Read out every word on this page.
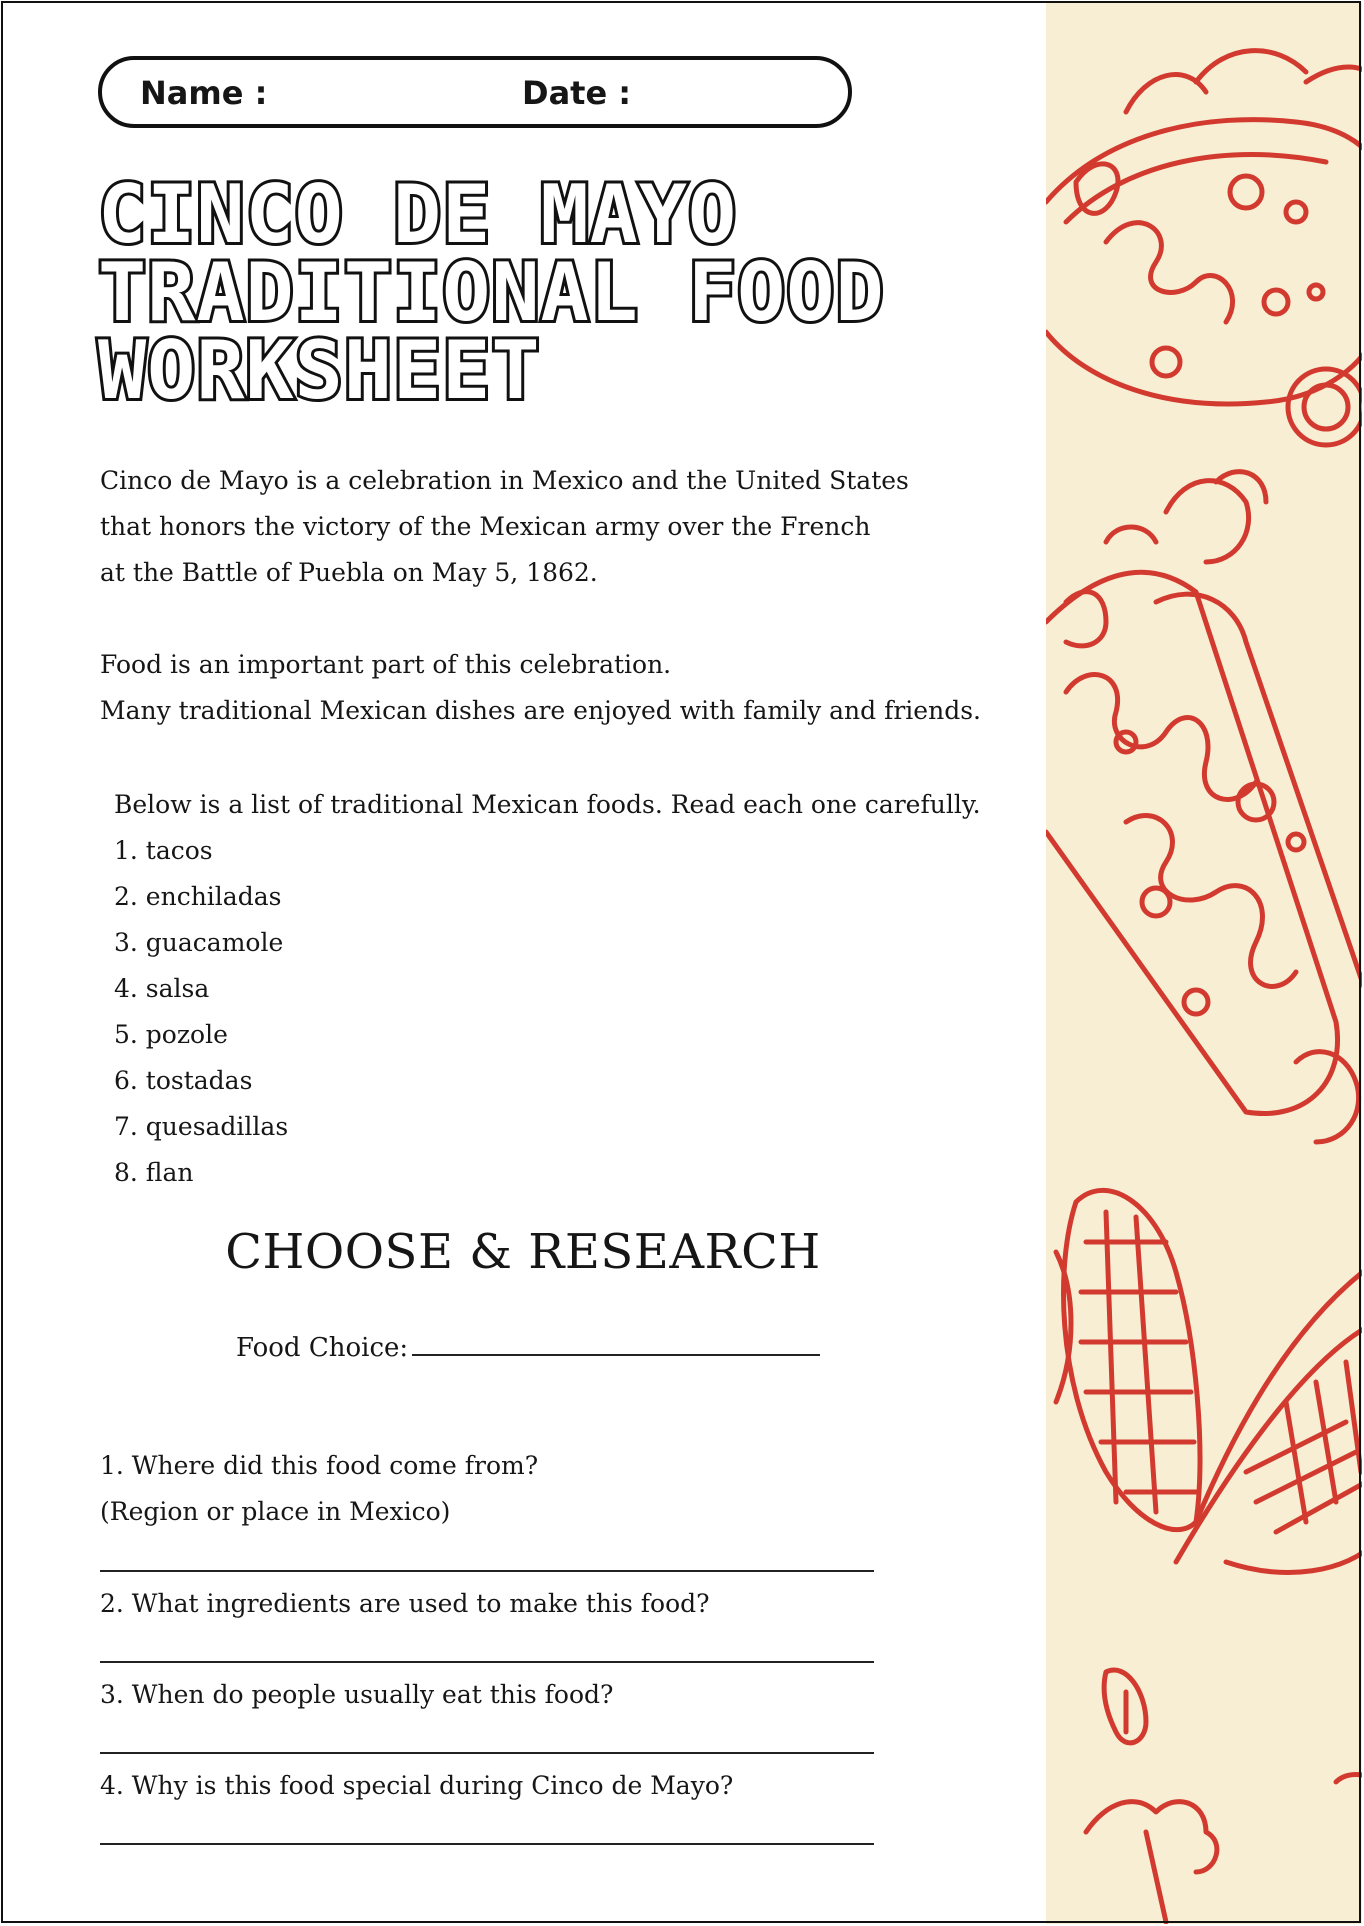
Name :	Date :
CINCO DE MAYO
TRADITIONAL FOOD
WORKSHEET

Cinco de Mayo is a celebration in Mexico and the United States

that honors the victory of the Mexican army over the French

at the Battle of Puebla on May 5, 1862.

Food is an important part of this celebration.

Many traditional Mexican dishes are enjoyed with family and friends.

Below is a list of traditional Mexican foods. Read each one carefully.
1. tacos
2. enchiladas
3. guacamole
4. salsa
5. pozole
6. tostadas
7. quesadillas
8. flan
CHOOSE & RESEARCH
Food Choice:
1. Where did this food come from?
(Region or place in Mexico)
2. What ingredients are used to make this food?
3. When do people usually eat this food?
4. Why is this food special during Cinco de Mayo?
